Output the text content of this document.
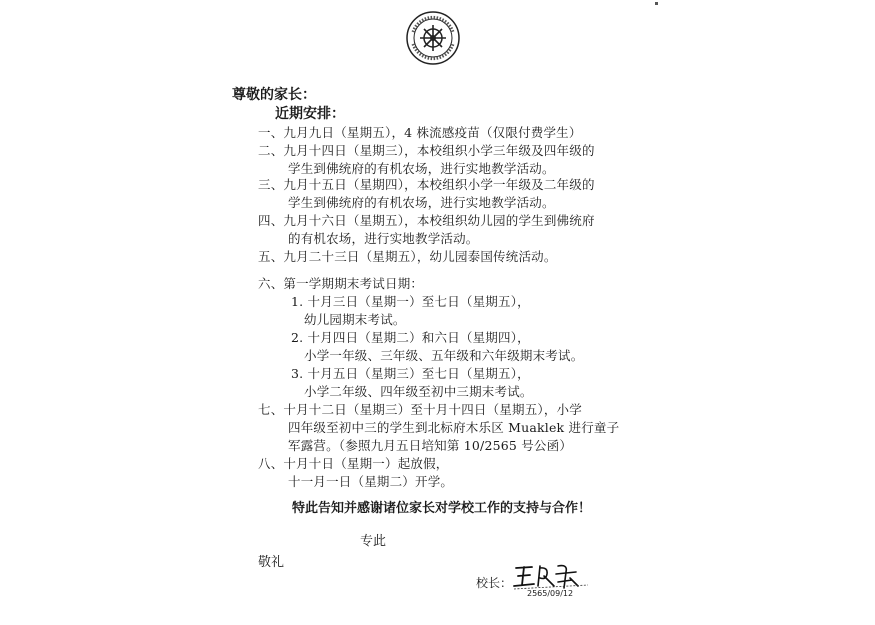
尊敬的家长：
近期安排：
一、九月九日（星期五），4 株流感疫苗（仅限付费学生）
二、九月十四日（星期三），本校组织小学三年级及四年级的
学生到佛统府的有机农场，进行实地教学活动。
三、九月十五日（星期四），本校组织小学一年级及二年级的
学生到佛统府的有机农场，进行实地教学活动。
四、九月十六日（星期五），本校组织幼儿园的学生到佛统府
的有机农场，进行实地教学活动。
五、九月二十三日（星期五），幼儿园泰国传统活动。
六、第一学期期末考试日期：
1. 十月三日（星期一）至七日（星期五），
幼儿园期末考试。
2. 十月四日（星期二）和六日（星期四），
小学一年级、三年级、五年级和六年级期末考试。
3. 十月五日（星期三）至七日（星期五），
小学二年级、四年级至初中三期末考试。
七、十月十二日（星期三）至十月十四日（星期五），小学
四年级至初中三的学生到北标府木乐区 Muaklek 进行童子
军露营。（参照九月五日培知第 10/2565 号公函）
八、十月十日（星期一）起放假，
十一月一日（星期二）开学。
特此告知并感谢诸位家长对学校工作的支持与合作！
专此
敬礼
校长：
2565/09/12
